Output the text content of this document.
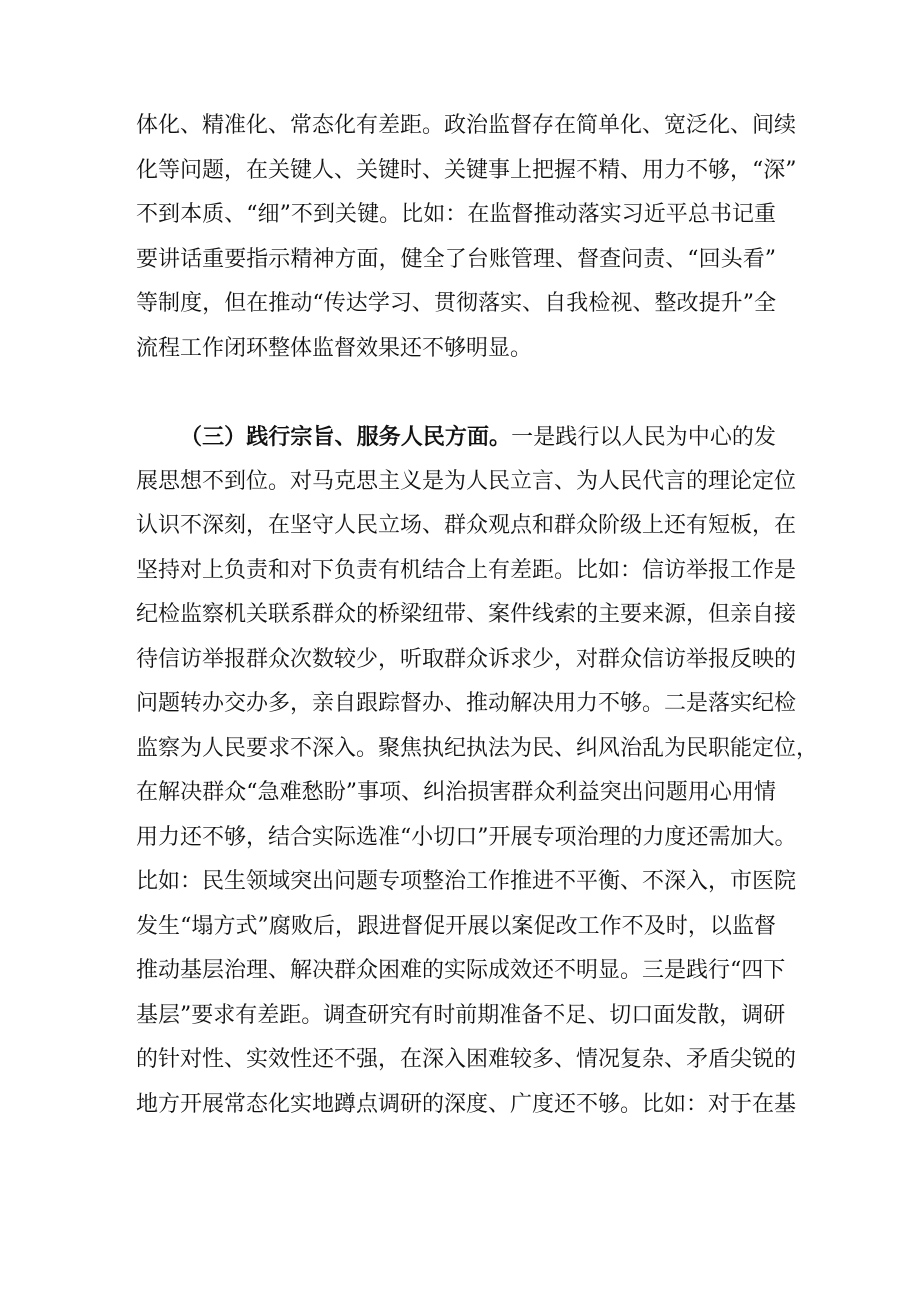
体化、精准化、常态化有差距。政治监督存在简单化、宽泛化、间续
化等问题，在关键人、关键时、关键事上把握不精、用力不够，“深”
不到本质、“细”不到关键。比如：在监督推动落实习近平总书记重
要讲话重要指示精神方面，健全了台账管理、督查问责、“回头看”
等制度，但在推动“传达学习、贯彻落实、自我检视、整改提升”全
流程工作闭环整体监督效果还不够明显。
（三）践行宗旨、服务人民方面。一是践行以人民为中心的发
展思想不到位。对马克思主义是为人民立言、为人民代言的理论定位
认识不深刻，在坚守人民立场、群众观点和群众阶级上还有短板，在
坚持对上负责和对下负责有机结合上有差距。比如：信访举报工作是
纪检监察机关联系群众的桥梁纽带、案件线索的主要来源，但亲自接
待信访举报群众次数较少，听取群众诉求少，对群众信访举报反映的
问题转办交办多，亲自跟踪督办、推动解决用力不够。二是落实纪检
监察为人民要求不深入。聚焦执纪执法为民、纠风治乱为民职能定位，
在解决群众“急难愁盼”事项、纠治损害群众利益突出问题用心用情
用力还不够，结合实际选准“小切口”开展专项治理的力度还需加大。
比如：民生领域突出问题专项整治工作推进不平衡、不深入，市医院
发生“塌方式”腐败后，跟进督促开展以案促改工作不及时，以监督
推动基层治理、解决群众困难的实际成效还不明显。三是践行“四下
基层”要求有差距。调查研究有时前期准备不足、切口面发散，调研
的针对性、实效性还不强，在深入困难较多、情况复杂、矛盾尖锐的
地方开展常态化实地蹲点调研的深度、广度还不够。比如：对于在基
